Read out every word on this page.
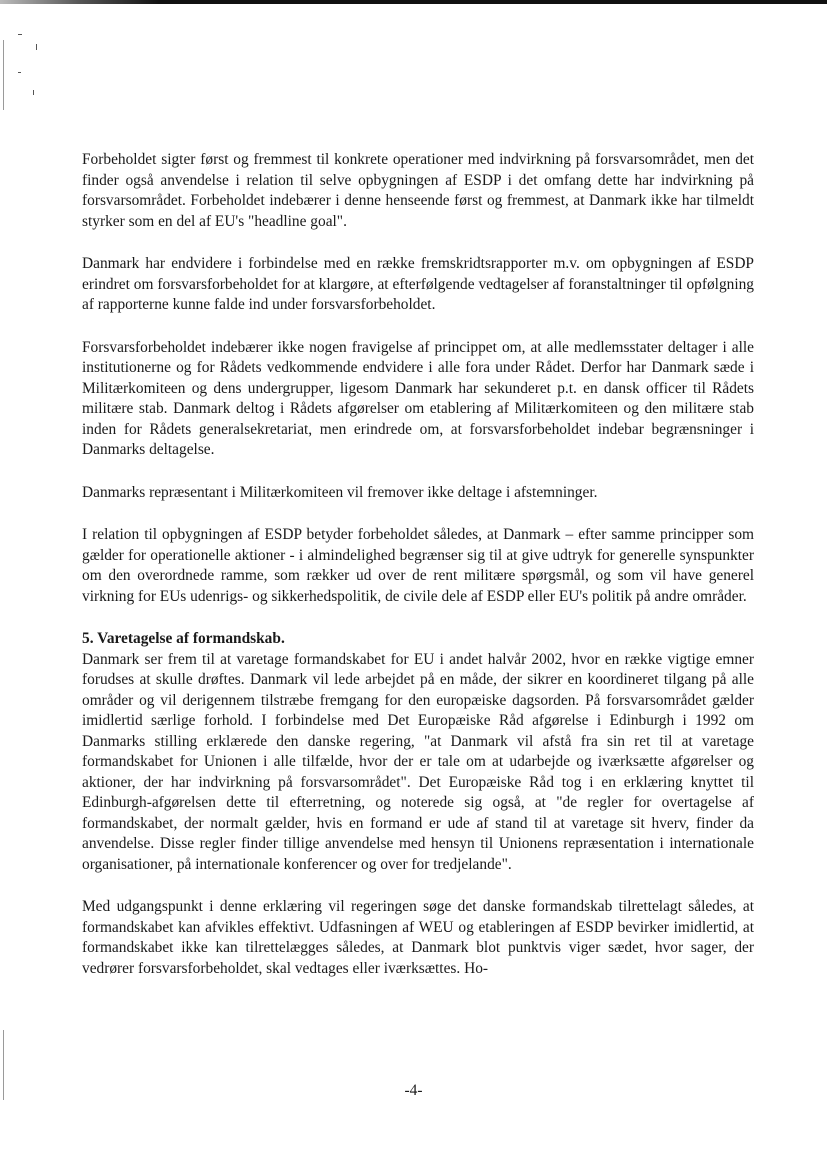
Forbeholdet sigter først og fremmest til konkrete operationer med indvirkning på forsvarsområdet, men det finder også anvendelse i relation til selve opbygningen af ESDP i det omfang dette har indvirkning på forsvarsområdet. Forbeholdet indebærer i denne henseende først og fremmest, at Danmark ikke har tilmeldt styrker som en del af EU's "headline goal".

Danmark har endvidere i forbindelse med en række fremskridtsrapporter m.v. om opbygningen af ESDP erindret om forsvarsforbeholdet for at klargøre, at efterfølgende vedtagelser af foranstaltninger til opfølgning af rapporterne kunne falde ind under forsvarsforbeholdet.

Forsvarsforbeholdet indebærer ikke nogen fravigelse af princippet om, at alle medlemsstater deltager i alle institutionerne og for Rådets vedkommende endvidere i alle fora under Rådet. Derfor har Danmark sæde i Militærkomiteen og dens undergrupper, ligesom Danmark har sekunderet p.t. en dansk officer til Rådets militære stab. Danmark deltog i Rådets afgørelser om etablering af Militærkomiteen og den militære stab inden for Rådets generalsekretariat, men erindrede om, at forsvarsforbeholdet indebar begrænsninger i Danmarks deltagelse.

Danmarks repræsentant i Militærkomiteen vil fremover ikke deltage i afstemninger.

I relation til opbygningen af ESDP betyder forbeholdet således, at Danmark – efter samme principper som gælder for operationelle aktioner - i almindelighed begrænser sig til at give udtryk for generelle synspunkter om den overordnede ramme, som rækker ud over de rent militære spørgsmål, og som vil have generel virkning for EUs udenrigs- og sikkerhedspolitik, de civile dele af ESDP eller EU's politik på andre områder.

5. Varetagelse af formandskab.

Danmark ser frem til at varetage formandskabet for EU i andet halvår 2002, hvor en række vigtige emner forudses at skulle drøftes. Danmark vil lede arbejdet på en måde, der sikrer en koordineret tilgang på alle områder og vil derigennem tilstræbe fremgang for den europæiske dagsorden. På forsvarsområdet gælder imidlertid særlige forhold. I forbindelse med Det Europæiske Råd afgørelse i Edinburgh i 1992 om Danmarks stilling erklærede den danske regering, "at Danmark vil afstå fra sin ret til at varetage formandskabet for Unionen i alle tilfælde, hvor der er tale om at udarbejde og iværksætte afgørelser og aktioner, der har indvirkning på forsvarsområdet". Det Europæiske Råd tog i en erklæring knyttet til Edinburgh-afgørelsen dette til efterretning, og noterede sig også, at "de regler for overtagelse af formandskabet, der normalt gælder, hvis en formand er ude af stand til at varetage sit hverv, finder da anvendelse. Disse regler finder tillige anvendelse med hensyn til Unionens repræsentation i internationale organisationer, på internationale konferencer og over for tredjelande".

Med udgangspunkt i denne erklæring vil regeringen søge det danske formandskab tilrettelagt således, at formandskabet kan afvikles effektivt. Udfasningen af WEU og etableringen af ESDP bevirker imidlertid, at formandskabet ikke kan tilrettelægges således, at Danmark blot punktvis viger sædet, hvor sager, der vedrører forsvarsforbeholdet, skal vedtages eller iværksættes. Ho-

-4-
